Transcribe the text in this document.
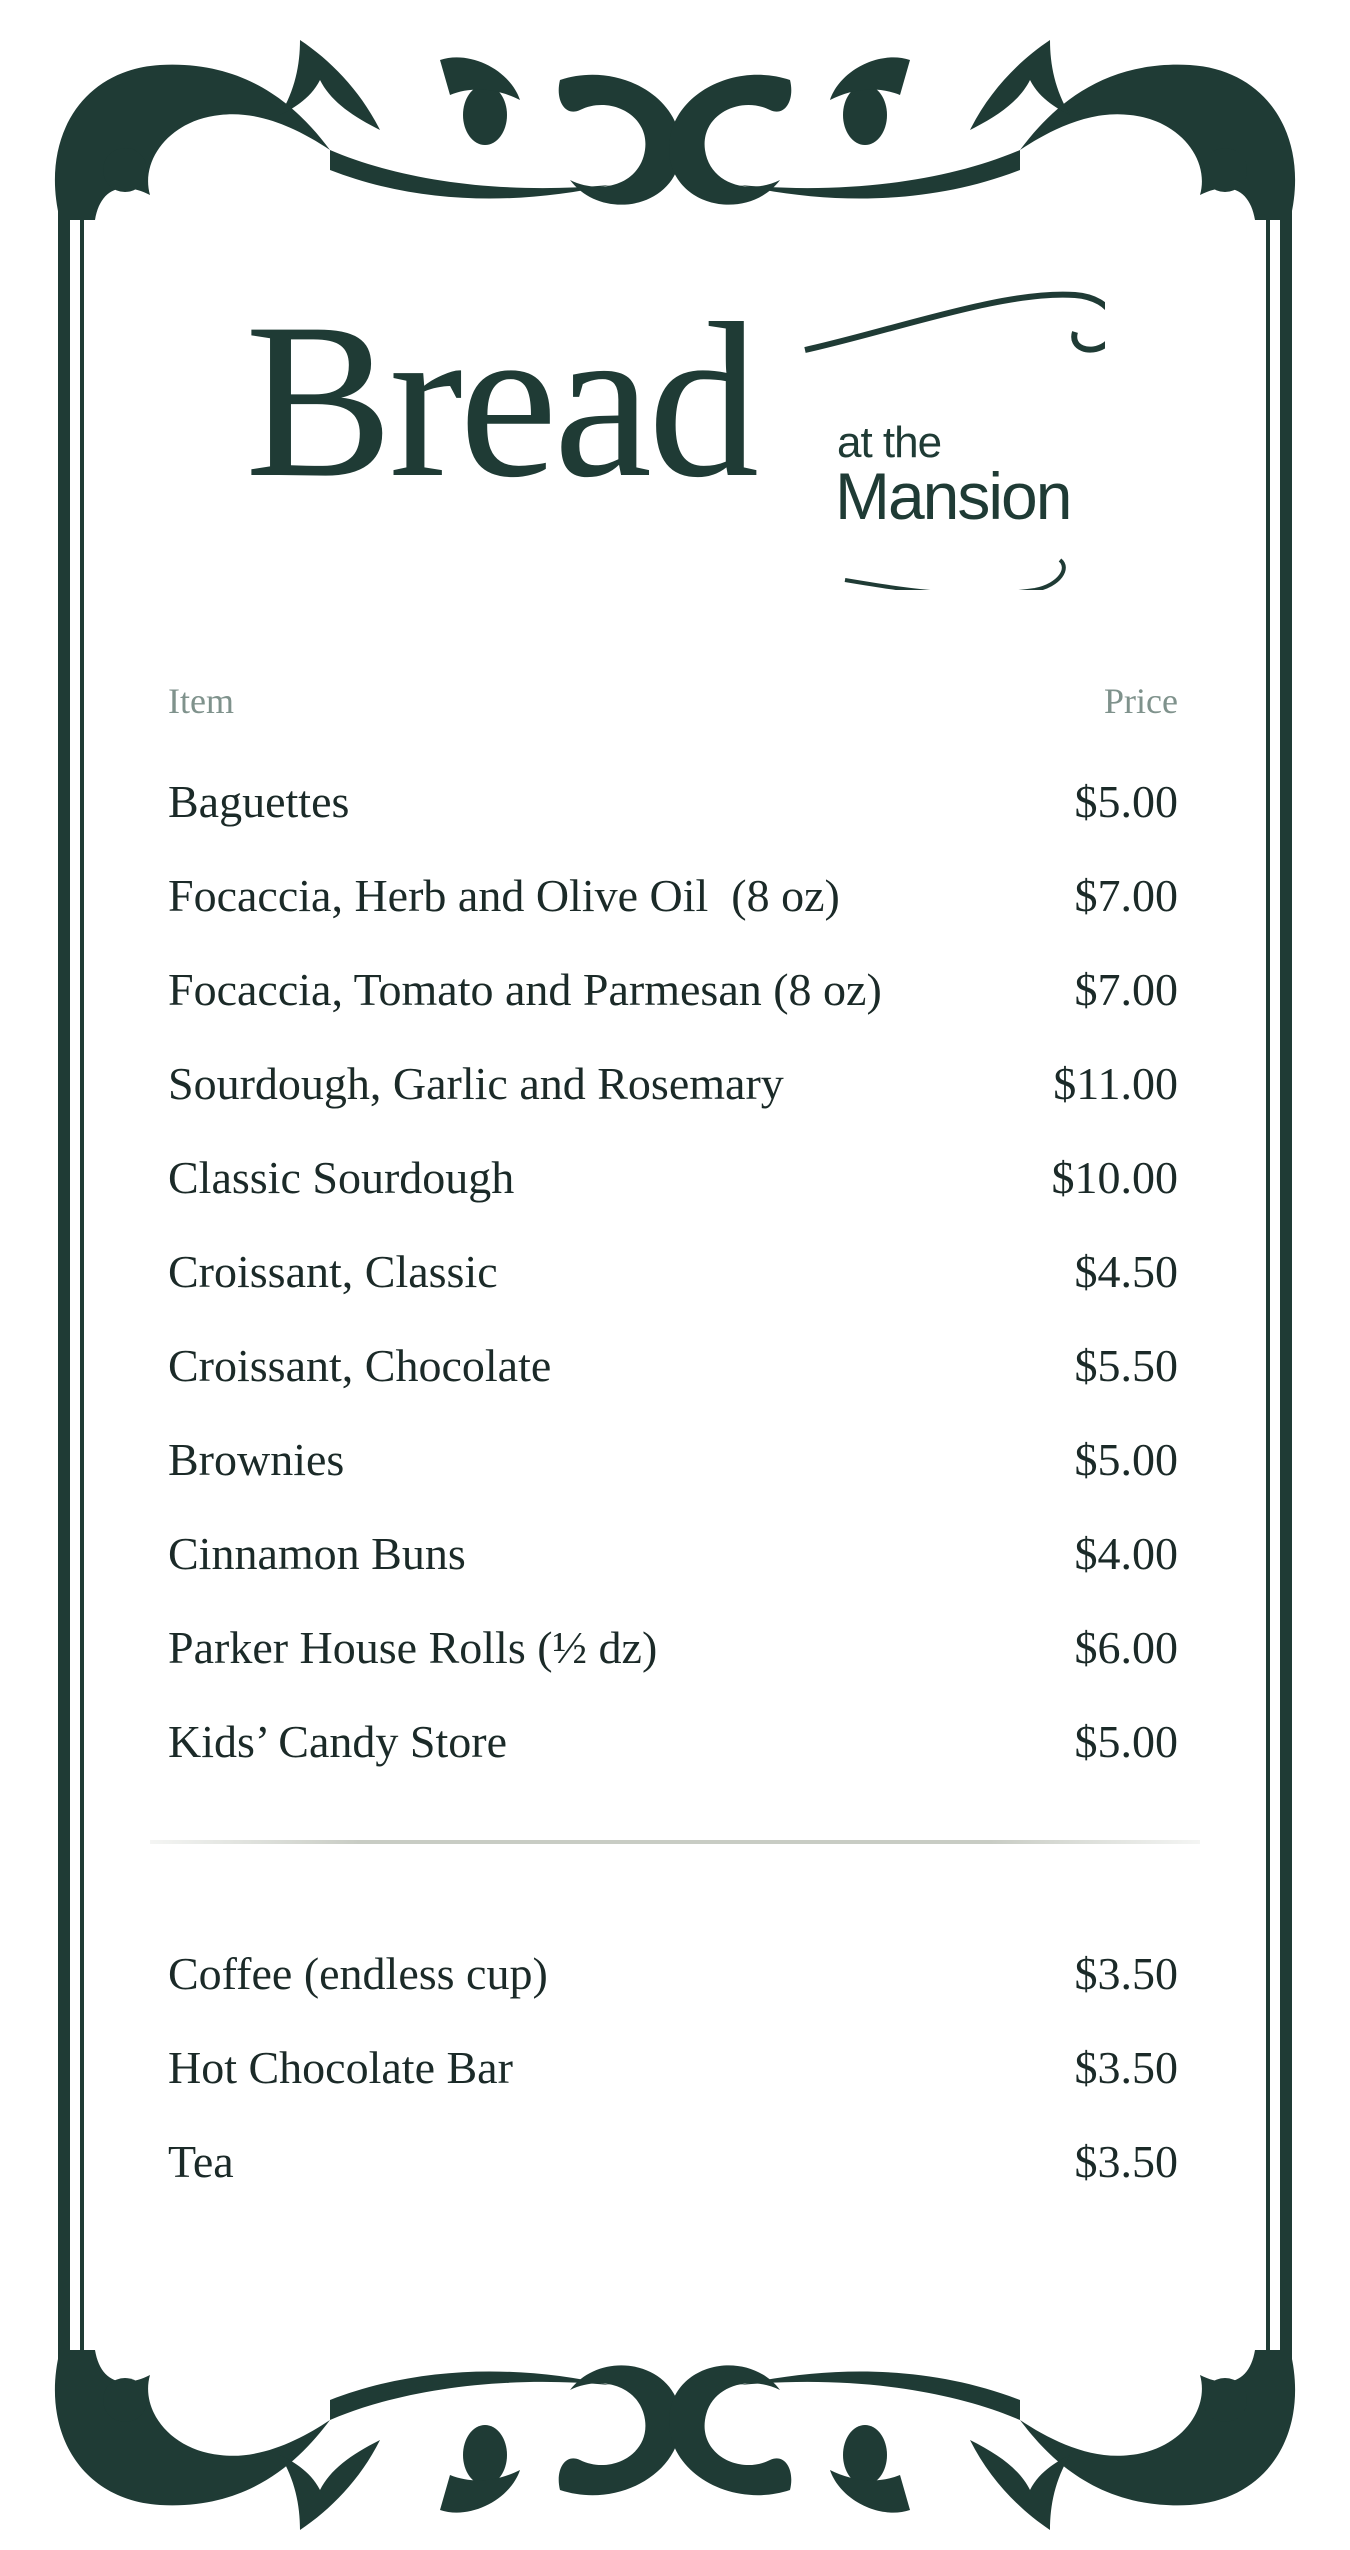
Bread at the
Mansion
Item	Price
Baguettes	$5.00
Focaccia, Herb and Olive Oil  (8 oz)	$7.00
Focaccia, Tomato and Parmesan (8 oz)	$7.00
Sourdough, Garlic and Rosemary	$11.00
Classic Sourdough	$10.00
Croissant, Classic	$4.50
Croissant, Chocolate	$5.50
Brownies	$5.00
Cinnamon Buns	$4.00
Parker House Rolls (½ dz)	$6.00
Kids’ Candy Store	$5.00
Coffee (endless cup)	$3.50
Hot Chocolate Bar	$3.50
Tea	$3.50
